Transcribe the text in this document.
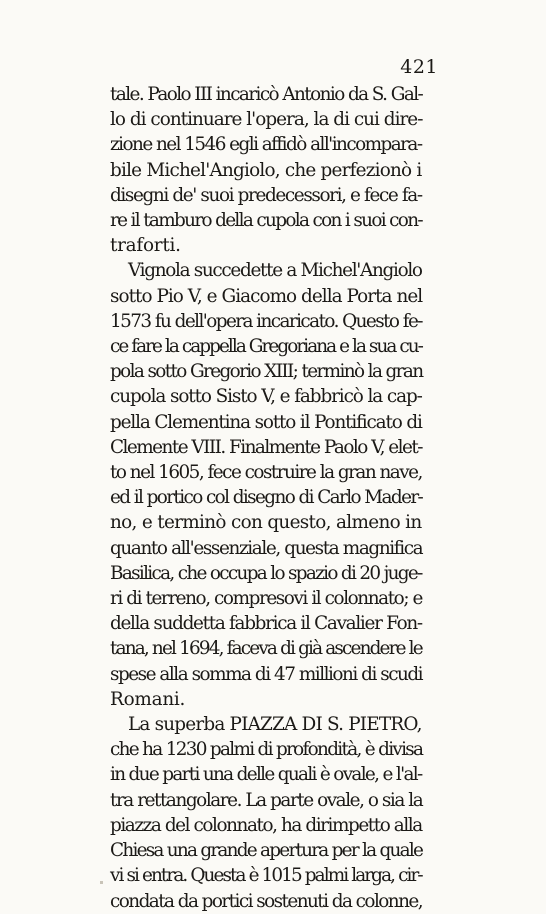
421
tale. Paolo III incaricò Antonio da S. Gal-
lo di continuare l'opera, la di cui dire-
zione nel 1546 egli affidò all'incompara-
bile Michel'Angiolo, che perfezionò i
disegni de' suoi predecessori, e fece fa-
re il tamburo della cupola con i suoi con-
traforti.
Vignola succedette a Michel'Angiolo
sotto Pio V, e Giacomo della Porta nel
1573 fu dell'opera incaricato. Questo fe-
ce fare la cappella Gregoriana e la sua cu-
pola sotto Gregorio XIII; terminò la gran
cupola sotto Sisto V, e fabbricò la cap-
pella Clementina sotto il Pontificato di
Clemente VIII. Finalmente Paolo V, elet-
to nel 1605, fece costruire la gran nave,
ed il portico col disegno di Carlo Mader-
no, e terminò con questo, almeno in
quanto all'essenziale, questa magnifica
Basilica, che occupa lo spazio di 20 juge-
ri di terreno, compresovi il colonnato; e
della suddetta fabbrica il Cavalier Fon-
tana, nel 1694, faceva di già ascendere le
spese alla somma di 47 millioni di scudi
Romani.
La superba PIAZZA DI S. PIETRO,
che ha 1230 palmi di profondità, è divisa
in due parti una delle quali è ovale, e l'al-
tra rettangolare. La parte ovale, o sia la
piazza del colonnato, ha dirimpetto alla
Chiesa una grande apertura per la quale
vi si entra. Questa è 1015 palmi larga, cir-
condata da portici sostenuti da colonne,
